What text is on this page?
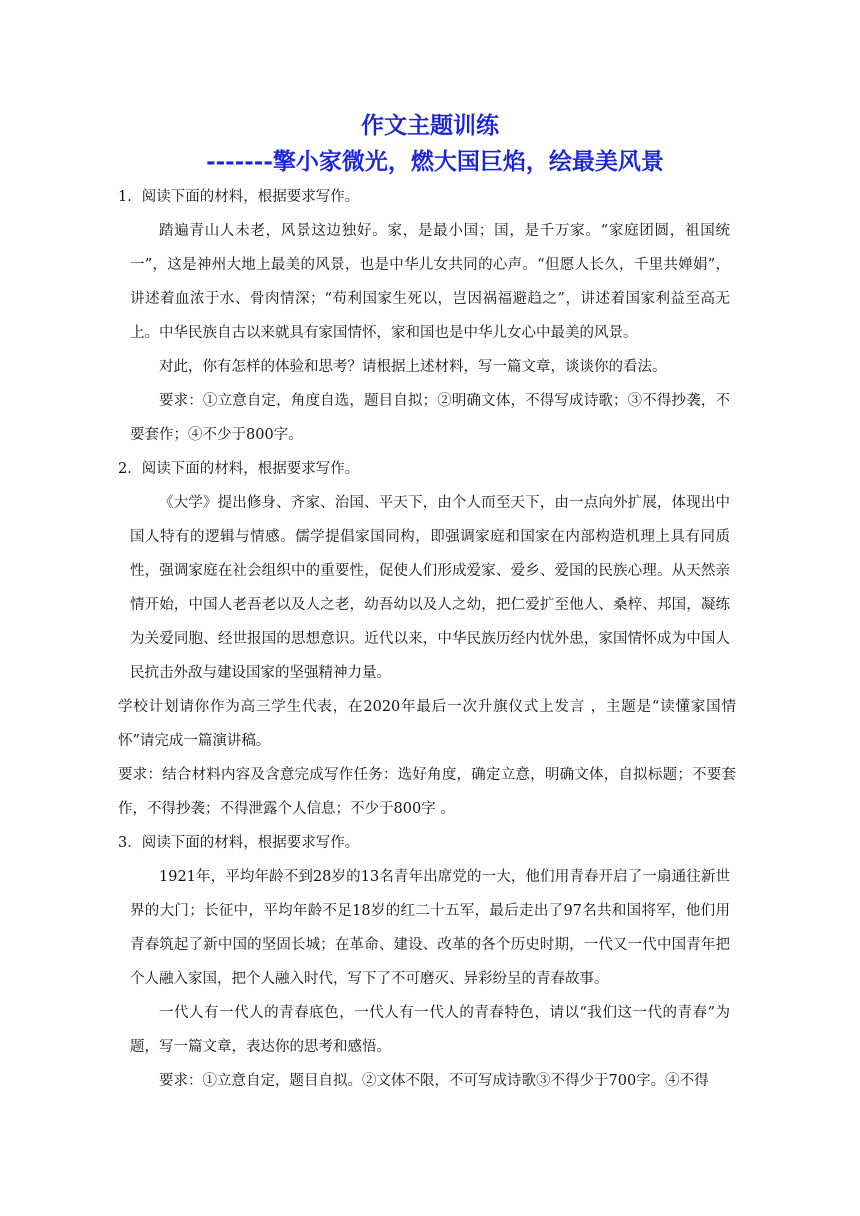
作文主题训练
-------擎小家微光，燃大国巨焰，绘最美风景

1．阅读下面的材料，根据要求写作。

踏遍青山人未老，风景这边独好。家，是最小国；国，是千万家。“家庭团圆，祖国统一”，这是神州大地上最美的风景，也是中华儿女共同的心声。“但愿人长久，千里共婵娟”，讲述着血浓于水、骨肉情深；“苟利国家生死以，岂因祸福避趋之”，讲述着国家利益至高无上。中华民族自古以来就具有家国情怀，家和国也是中华儿女心中最美的风景。

对此，你有怎样的体验和思考？请根据上述材料，写一篇文章，谈谈你的看法。

要求：①立意自定，角度自选，题目自拟；②明确文体，不得写成诗歌；③不得抄袭，不要套作；④不少于800字。

2．阅读下面的材料，根据要求写作。

《大学》提出修身、齐家、治国、平天下，由个人而至天下，由一点向外扩展，体现出中国人特有的逻辑与情感。儒学提倡家国同构，即强调家庭和国家在内部构造机理上具有同质性，强调家庭在社会组织中的重要性，促使人们形成爱家、爱乡、爱国的民族心理。从天然亲情开始，中国人老吾老以及人之老，幼吾幼以及人之幼，把仁爱扩至他人、桑梓、邦国，凝练为关爱同胞、经世报国的思想意识。近代以来，中华民族历经内忧外患，家国情怀成为中国人民抗击外敌与建设国家的坚强精神力量。

学校计划请你作为高三学生代表，在2020年最后一次升旗仪式上发言 ，主题是“读懂家国情怀”请完成一篇演讲稿。

要求：结合材料内容及含意完成写作任务：选好角度，确定立意，明确文体，自拟标题；不要套作，不得抄袭；不得泄露个人信息；不少于800字 。

3．阅读下面的材料，根据要求写作。

1921年，平均年龄不到28岁的13名青年出席党的一大，他们用青春开启了一扇通往新世界的大门；长征中，平均年龄不足18岁的红二十五军，最后走出了97名共和国将军，他们用青春筑起了新中国的坚固长城；在革命、建设、改革的各个历史时期，一代又一代中国青年把个人融入家国，把个人融入时代，写下了不可磨灭、异彩纷呈的青春故事。

一代人有一代人的青春底色，一代人有一代人的青春特色，请以“我们这一代的青春”为题，写一篇文章，表达你的思考和感悟。

要求：①立意自定，题目自拟。②文体不限，不可写成诗歌③不得少于700字。④不得
